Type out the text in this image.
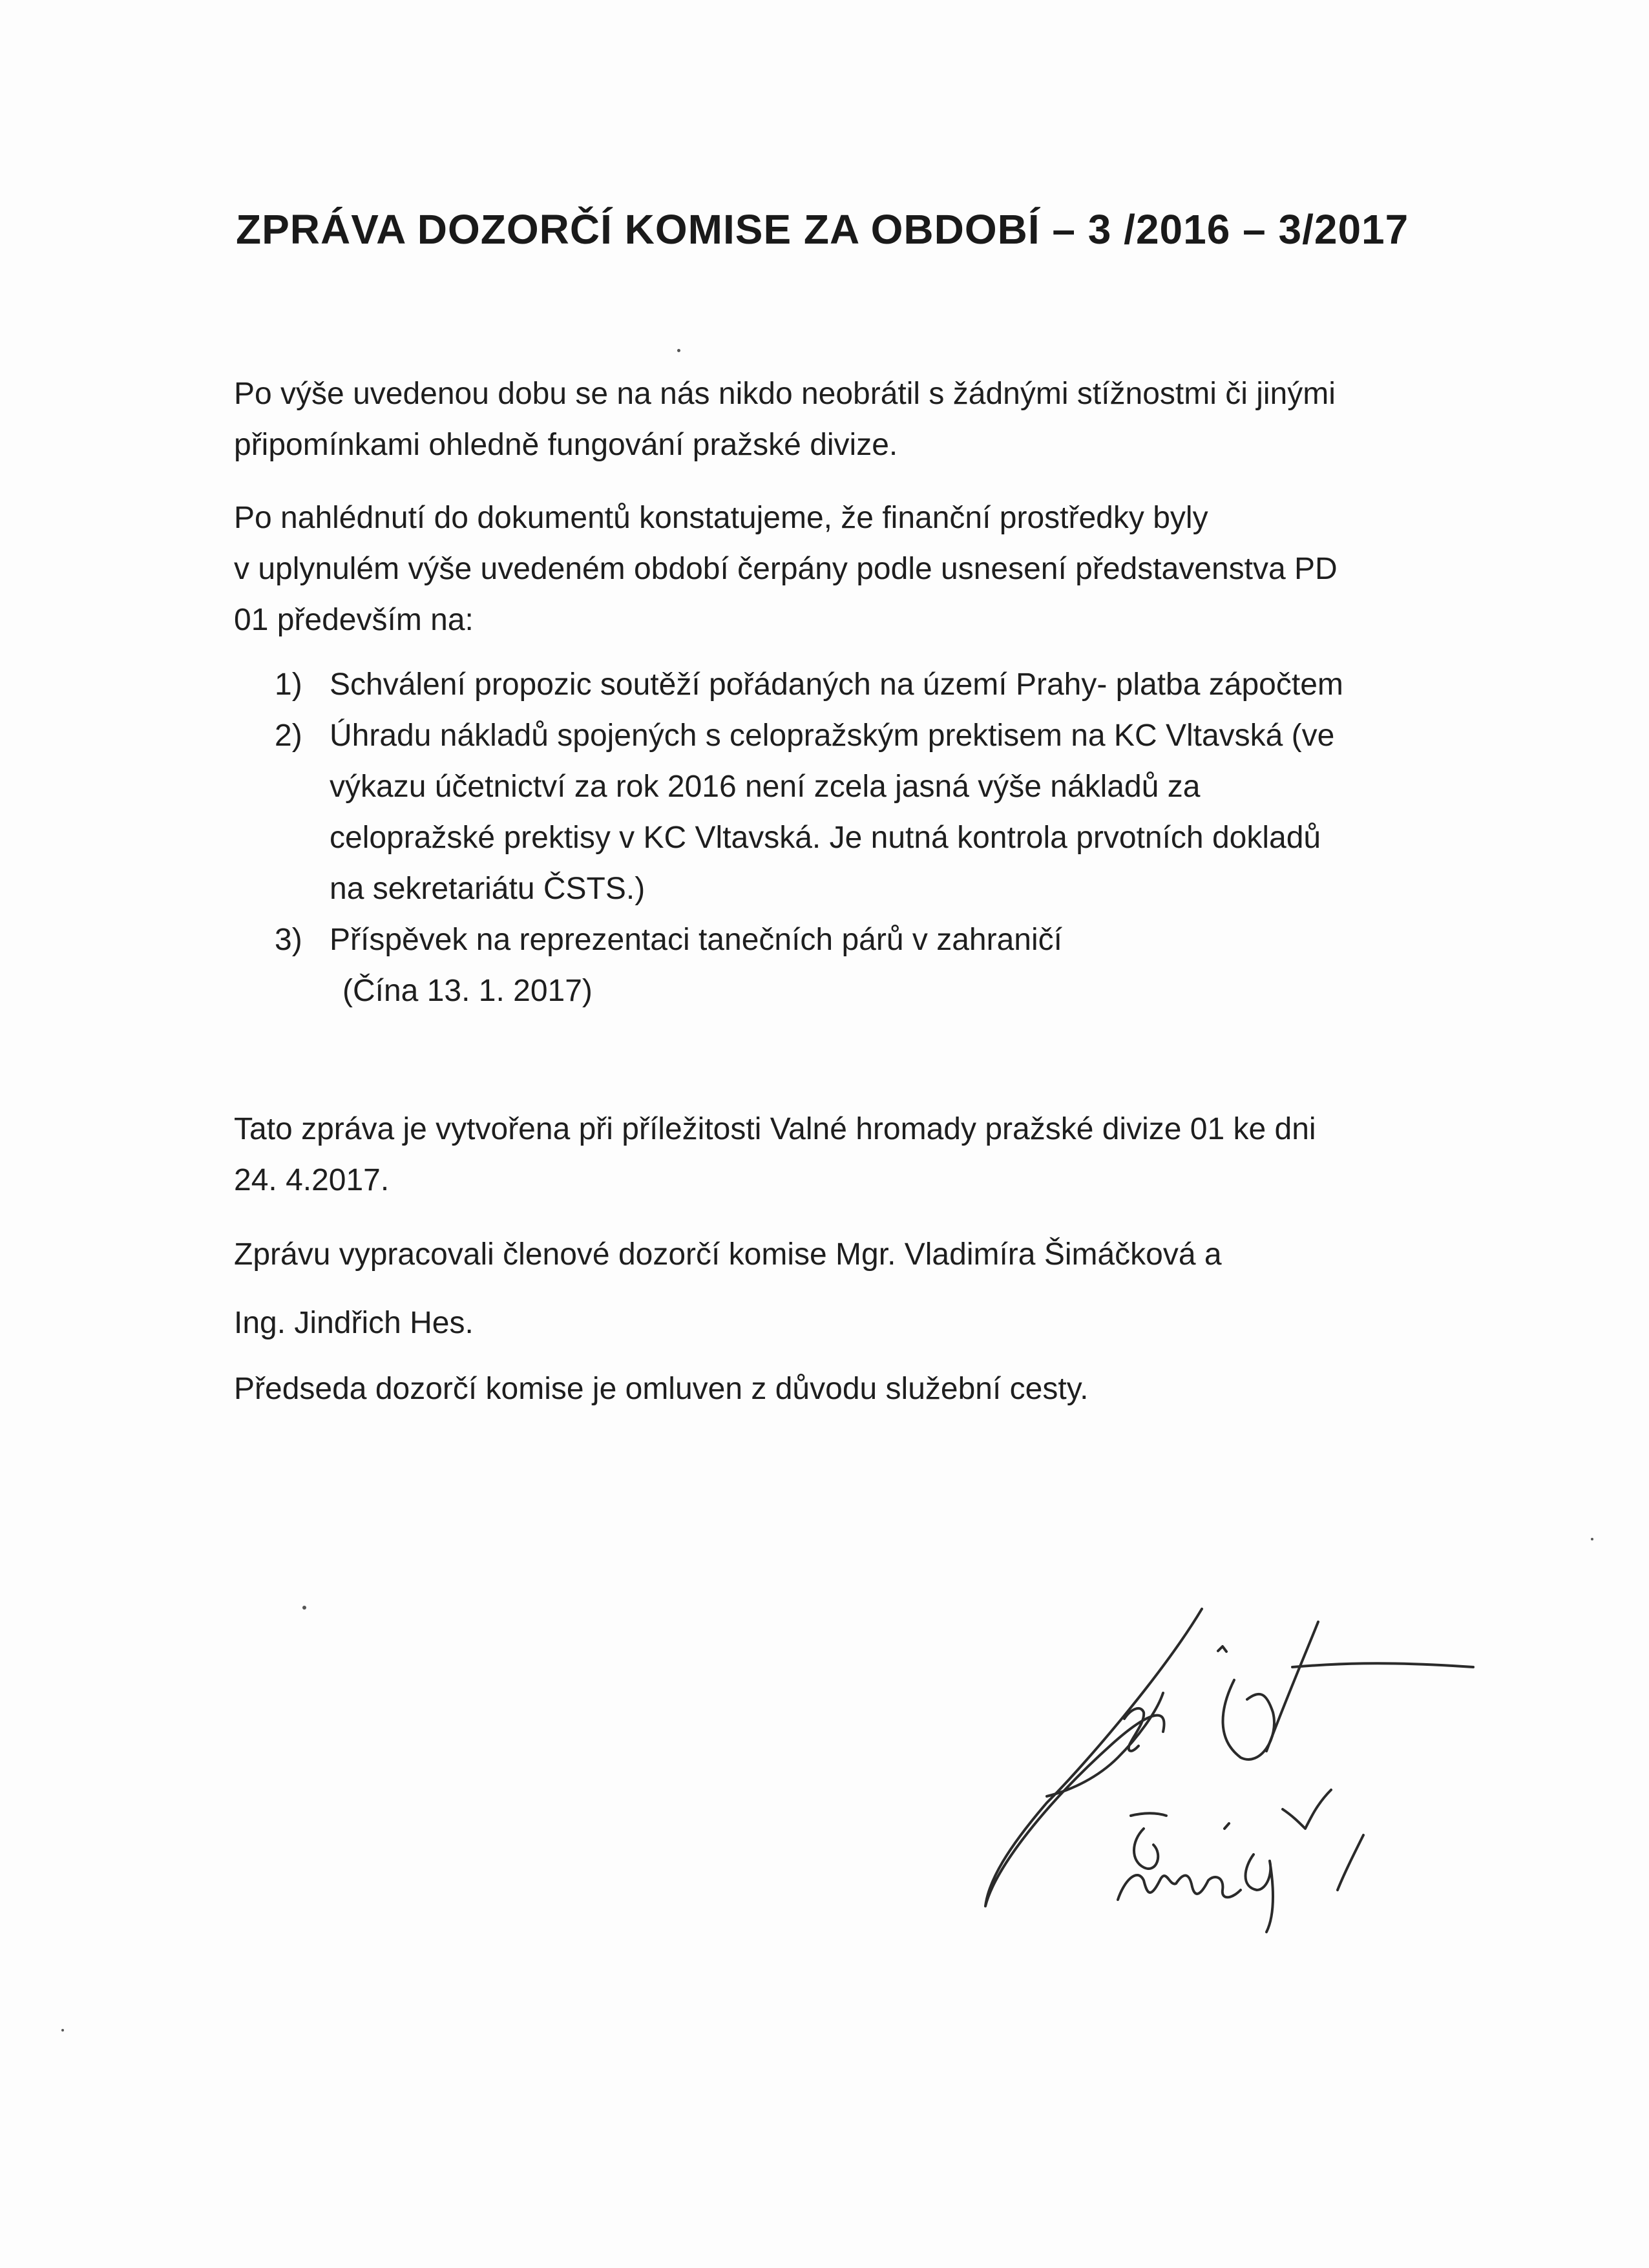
ZPRÁVA DOZORČÍ KOMISE ZA OBDOBÍ – 3 /2016 – 3/2017
Po výše uvedenou dobu se na nás nikdo neobrátil s žádnými stížnostmi či jinými
připomínkami ohledně fungování pražské divize.
Po nahlédnutí do dokumentů konstatujeme, že finanční prostředky byly
v uplynulém výše uvedeném období čerpány podle usnesení představenstva PD
01 především na:
1) Schválení propozic soutěží pořádaných na území Prahy- platba zápočtem
2) Úhradu nákladů spojených s celopražským prektisem na KC Vltavská (ve
výkazu účetnictví za rok 2016 není zcela jasná výše nákladů za
celopražské prektisy v KC Vltavská. Je nutná kontrola prvotních dokladů
na sekretariátu ČSTS.)
3) Příspěvek na reprezentaci tanečních párů v zahraničí
(Čína 13. 1. 2017)
Tato zpráva je vytvořena při příležitosti Valné hromady pražské divize 01 ke dni
24. 4.2017.
Zprávu vypracovali členové dozorčí komise Mgr. Vladimíra Šimáčková a
Ing. Jindřich Hes.
Předseda dozorčí komise je omluven z důvodu služební cesty.
